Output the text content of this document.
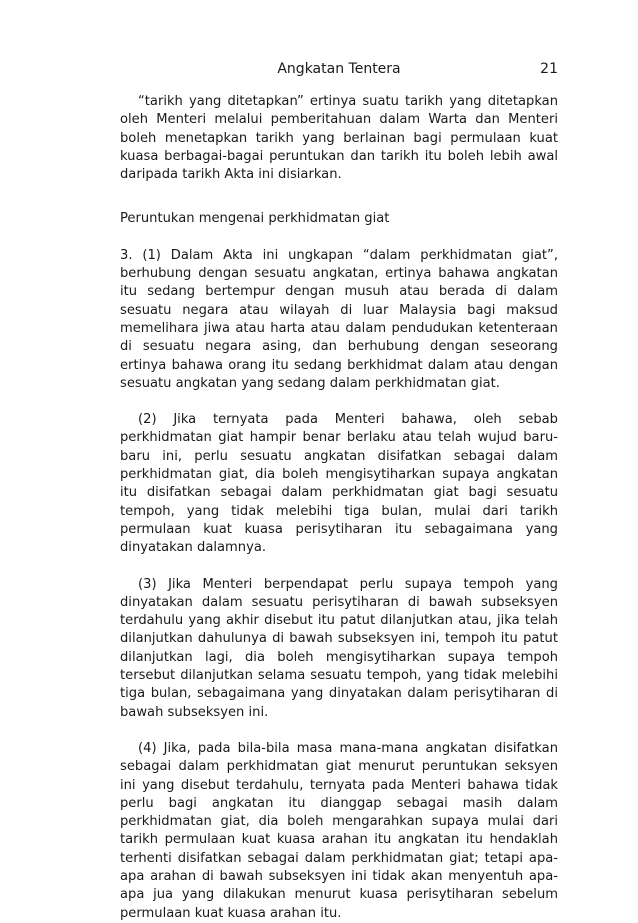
Angkatan Tentera	21

“tarikh yang ditetapkan” ertinya suatu tarikh yang ditetapkan oleh Menteri melalui pemberitahuan dalam Warta dan Menteri boleh menetapkan tarikh yang berlainan bagi permulaan kuat kuasa berbagai-bagai peruntukan dan tarikh itu boleh lebih awal daripada tarikh Akta ini disiarkan.

Peruntukan mengenai perkhidmatan giat

3. (1) Dalam Akta ini ungkapan “dalam perkhidmatan giat”, berhubung dengan sesuatu angkatan, ertinya bahawa angkatan itu sedang bertempur dengan musuh atau berada di dalam sesuatu negara atau wilayah di luar Malaysia bagi maksud memelihara jiwa atau harta atau dalam pendudukan ketenteraan di sesuatu negara asing, dan berhubung dengan seseorang ertinya bahawa orang itu sedang berkhidmat dalam atau dengan sesuatu angkatan yang sedang dalam perkhidmatan giat.

(2) Jika ternyata pada Menteri bahawa, oleh sebab perkhidmatan giat hampir benar berlaku atau telah wujud baru-baru ini, perlu sesuatu angkatan disifatkan sebagai dalam perkhidmatan giat, dia boleh mengisytiharkan supaya angkatan itu disifatkan sebagai dalam perkhidmatan giat bagi sesuatu tempoh, yang tidak melebihi tiga bulan, mulai dari tarikh permulaan kuat kuasa perisytiharan itu sebagaimana yang dinyatakan dalamnya.

(3) Jika Menteri berpendapat perlu supaya tempoh yang dinyatakan dalam sesuatu perisytiharan di bawah subseksyen terdahulu yang akhir disebut itu patut dilanjutkan atau, jika telah dilanjutkan dahulunya di bawah subseksyen ini, tempoh itu patut dilanjutkan lagi, dia boleh mengisytiharkan supaya tempoh tersebut dilanjutkan selama sesuatu tempoh, yang tidak melebihi tiga bulan, sebagaimana yang dinyatakan dalam perisytiharan di bawah subseksyen ini.

(4) Jika, pada bila-bila masa mana-mana angkatan disifatkan sebagai dalam perkhidmatan giat menurut peruntukan seksyen ini yang disebut terdahulu, ternyata pada Menteri bahawa tidak perlu bagi angkatan itu dianggap sebagai masih dalam perkhidmatan giat, dia boleh mengarahkan supaya mulai dari tarikh permulaan kuat kuasa arahan itu angkatan itu hendaklah terhenti disifatkan sebagai dalam perkhidmatan giat; tetapi apa-apa arahan di bawah subseksyen ini tidak akan menyentuh apa-apa jua yang dilakukan menurut kuasa perisytiharan sebelum permulaan kuat kuasa arahan itu.
